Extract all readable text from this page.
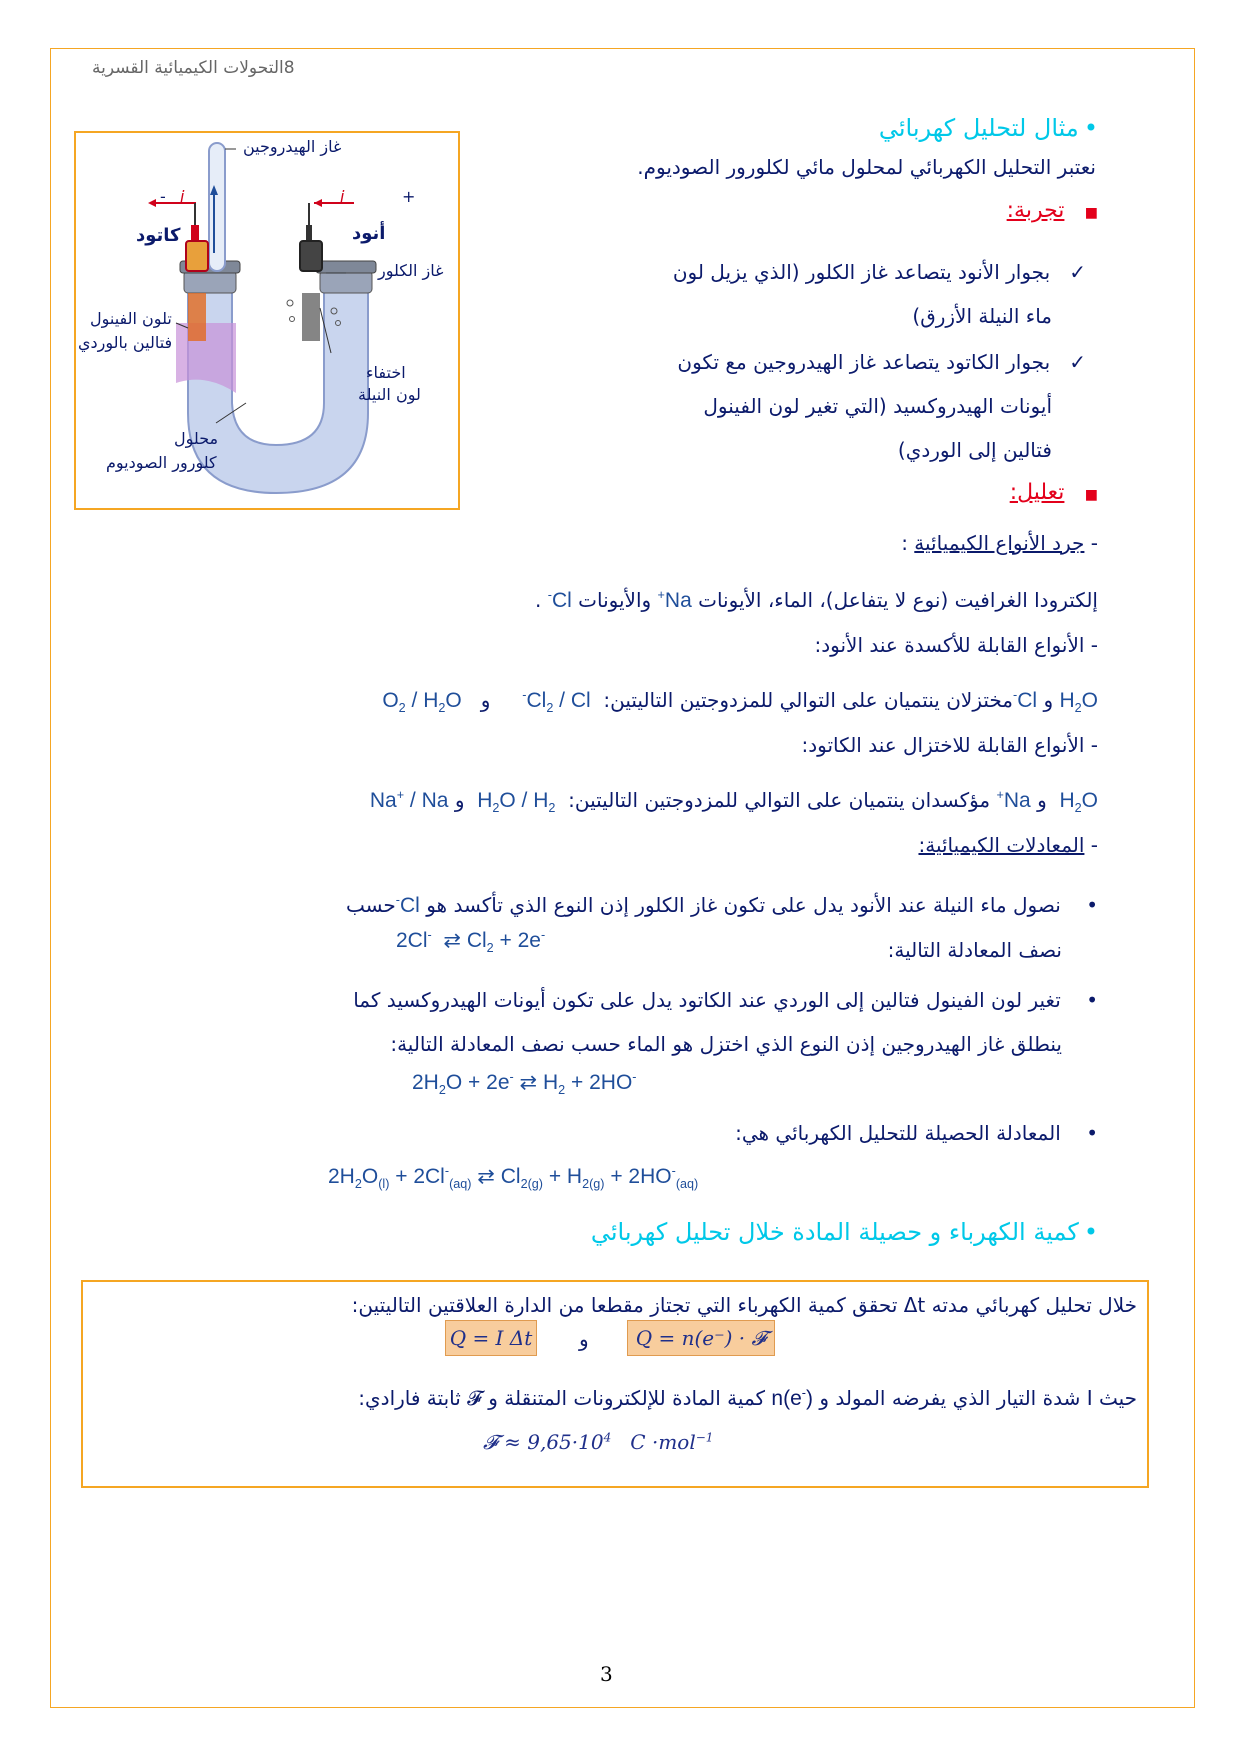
8التحولات الكيميائية القسرية
غاز الهيدروجين
كاتود	أنود
غاز الكلور
تلون الفينول
فتالين بالوردي
اختفاء
لون النيلة
محلول
كلورور الصوديوم
i
-	i	+
• مثال لتحليل كهربائي
نعتبر التحليل الكهربائي لمحلول مائي لكلورور الصوديوم.
■    تجربة:
✓   بجوار الأنود يتصاعد غاز الكلور (الذي يزيل لون
ماء النيلة الأزرق)
✓   بجوار الكاتود يتصاعد غاز الهيدروجين مع تكون
أيونات الهيدروكسيد (التي تغير لون الفينول
فتالين إلى الوردي)
■    تعليل:
- جرد الأنواع الكيميائية :
إلكترودا الغرافيت (نوع لا يتفاعل)، الماء، الأيونات Na+ والأيونات Cl- .
- الأنواع القابلة للأكسدة عند الأنود:
$H_2O$ و Cl-مختزلان ينتميان على التوالي للمزدوجتين التاليتين:  $Cl_2 / Cl^-$     و   $O_2 / H_2O$
- الأنواع القابلة للاختزال عند الكاتود:
$H_2O$  و Na+ مؤكسدان ينتميان على التوالي للمزدوجتين التاليتين:  $H_2O / H_2$  و Na+ / Na
- المعادلات الكيميائية:
•    نصول ماء النيلة عند الأنود يدل على تكون غاز الكلور إذن النوع الذي تأكسد هو Cl-حسب
نصف المعادلة التالية:
2Cl-  ⇄ $Cl_2 + 2e^-$
•    تغير لون الفينول فتالين إلى الوردي عند الكاتود يدل على تكون أيونات الهيدروكسيد كما
ينطلق غاز الهيدروجين إذن النوع الذي اختزل هو الماء حسب نصف المعادلة التالية:
$2H_2O + 2e^-$ ⇄ $H_2 + 2HO^-$
•    المعادلة الحصيلة للتحليل الكهربائي هي:
$2H_2O_{(l)} + 2Cl^-_{(aq)}$ ⇄ $Cl_{2(g)} + H_{2(g)} + 2HO^-_{(aq)}$
• كمية الكهرباء و حصيلة المادة خلال تحليل كهربائي
خلال تحليل كهربائي مدته Δt تحقق كمية الكهرباء التي تجتاز مقطعا من الدارة العلاقتين التاليتين:
Q = I Δt و	Q = n(e⁻) · 𝓕
حيث I شدة التيار الذي يفرضه المولد و n(e-) كمية المادة للإلكترونات المتنقلة و 𝓕 ثابتة فارادي:
𝓕 ≈ $9,65\cdot 10^4$ C ·mol$^{-1}$
3
